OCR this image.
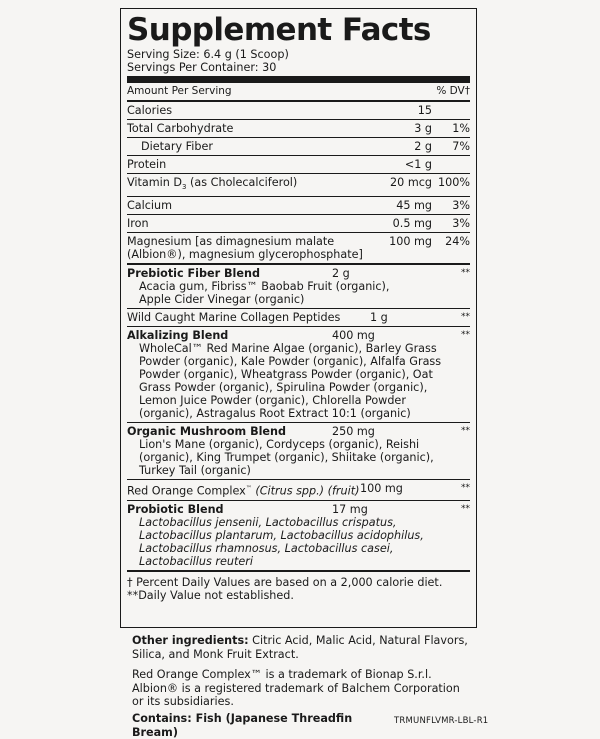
Supplement Facts
Serving Size: 6.4 g (1 Scoop)
Servings Per Container: 30
Amount Per Serving	% DV†
Calories	15
Total Carbohydrate	3 g	1%
Dietary Fiber	2 g	7%
Protein	<1 g
Vitamin $D_3$ (as Cholecalciferol)	20 mcg 100%
Calcium	45 mg	3%
Iron	0.5 mg	3%
Magnesium [as dimagnesium malate
(Albion®), magnesium glycerophosphate]
100 mg	24%
Prebiotic Fiber Blend	2 g	**
Acacia gum, Fibriss™ Baobab Fruit (organic),
Apple Cider Vinegar (organic)
Wild Caught Marine Collagen Peptides	1 g	**
Alkalizing Blend	400 mg	**
WholeCal™ Red Marine Algae (organic), Barley Grass
Powder (organic), Kale Powder (organic), Alfalfa Grass
Powder (organic), Wheatgrass Powder (organic), Oat
Grass Powder (organic), Spirulina Powder (organic),
Lemon Juice Powder (organic), Chlorella Powder
(organic), Astragalus Root Extract 10:1 (organic)
Organic Mushroom Blend	250 mg	**
Lion's Mane (organic), Cordyceps (organic), Reishi
(organic), King Trumpet (organic), Shiitake (organic),
Turkey Tail (organic)
Red Orange Complex™ (Citrus spp.) (fruit) 100 mg	**
Probiotic Blend	17 mg	**
Lactobacillus jensenii, Lactobacillus crispatus,
Lactobacillus plantarum, Lactobacillus acidophilus,
Lactobacillus rhamnosus, Lactobacillus casei,
Lactobacillus reuteri
† Percent Daily Values are based on a 2,000 calorie diet.
**Daily Value not established.
Other ingredients: Citric Acid, Malic Acid, Natural Flavors,
Silica, and Monk Fruit Extract.
Red Orange Complex™ is a trademark of Bionap S.r.l.
Albion® is a registered trademark of Balchem Corporation
or its subsidiaries.
Contains: Fish (Japanese Threadfin Bream)
TRMUNFLVMR-LBL-R1
